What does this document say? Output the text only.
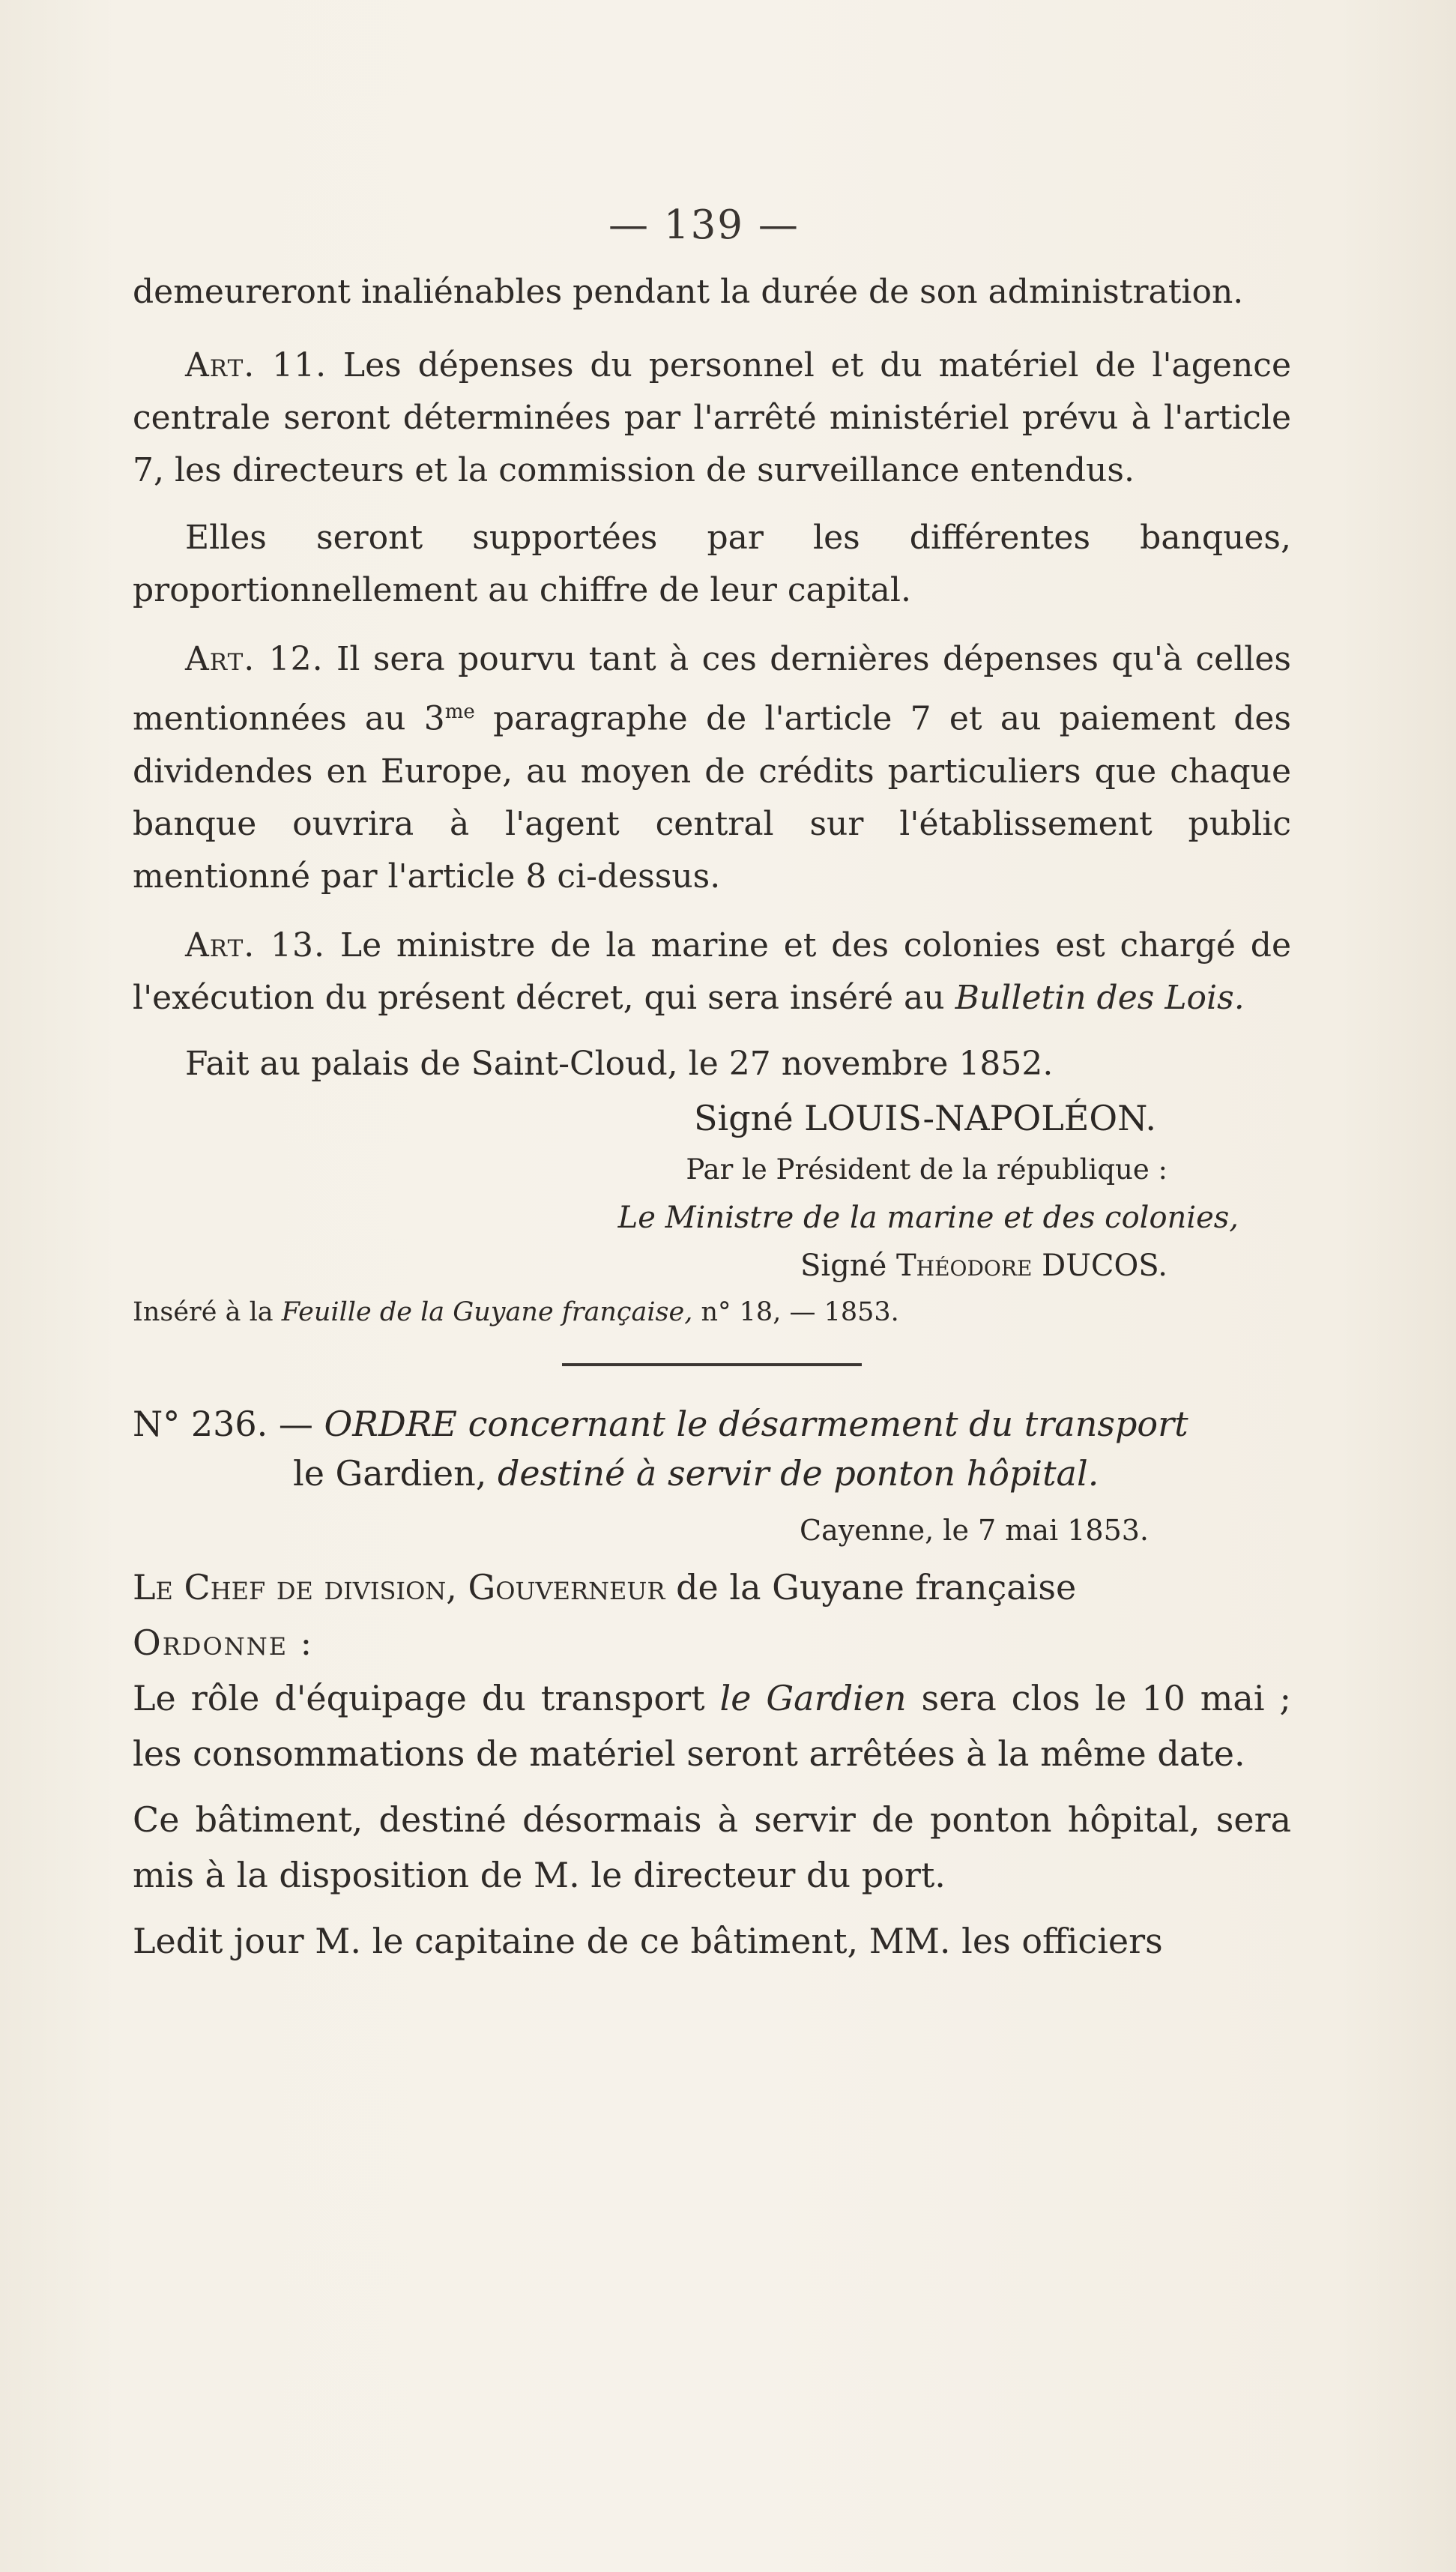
— 139 —

demeureront inaliénables pendant la durée de son administration.

Art. 11. Les dépenses du personnel et du matériel de l'agence centrale seront déterminées par l'arrêté ministériel prévu à l'article 7, les directeurs et la commission de surveillance entendus.

Elles seront supportées par les différentes banques, proportionnellement au chiffre de leur capital.

Art. 12. Il sera pourvu tant à ces dernières dépenses qu'à celles mentionnées au $3^{me}$ paragraphe de l'article 7 et au paiement des dividendes en Europe, au moyen de crédits particuliers que chaque banque ouvrira à l'agent central sur l'établissement public mentionné par l'article 8 ci-dessus.

Art. 13. Le ministre de la marine et des colonies est chargé de l'exécution du présent décret, qui sera inséré au Bulletin des Lois.

Fait au palais de Saint-Cloud, le 27 novembre 1852.

Signé LOUIS-NAPOLÉON.

Par le Président de la république :

Le Ministre de la marine et des colonies,

Signé Théodore DUCOS.

Inséré à la Feuille de la Guyane française, n° 18, — 1853.

N° 236. — ORDRE concernant le désarmement du transport

le Gardien, destiné à servir de ponton hôpital.

Cayenne, le 7 mai 1853.

Le Chef de division, Gouverneur de la Guyane française

Ordonne :

Le rôle d'équipage du transport le Gardien sera clos le 10 mai ; les consommations de matériel seront arrêtées à la même date.

Ce bâtiment, destiné désormais à servir de ponton hôpital, sera mis à la disposition de M. le directeur du port.

Ledit jour M. le capitaine de ce bâtiment, MM. les officiers
